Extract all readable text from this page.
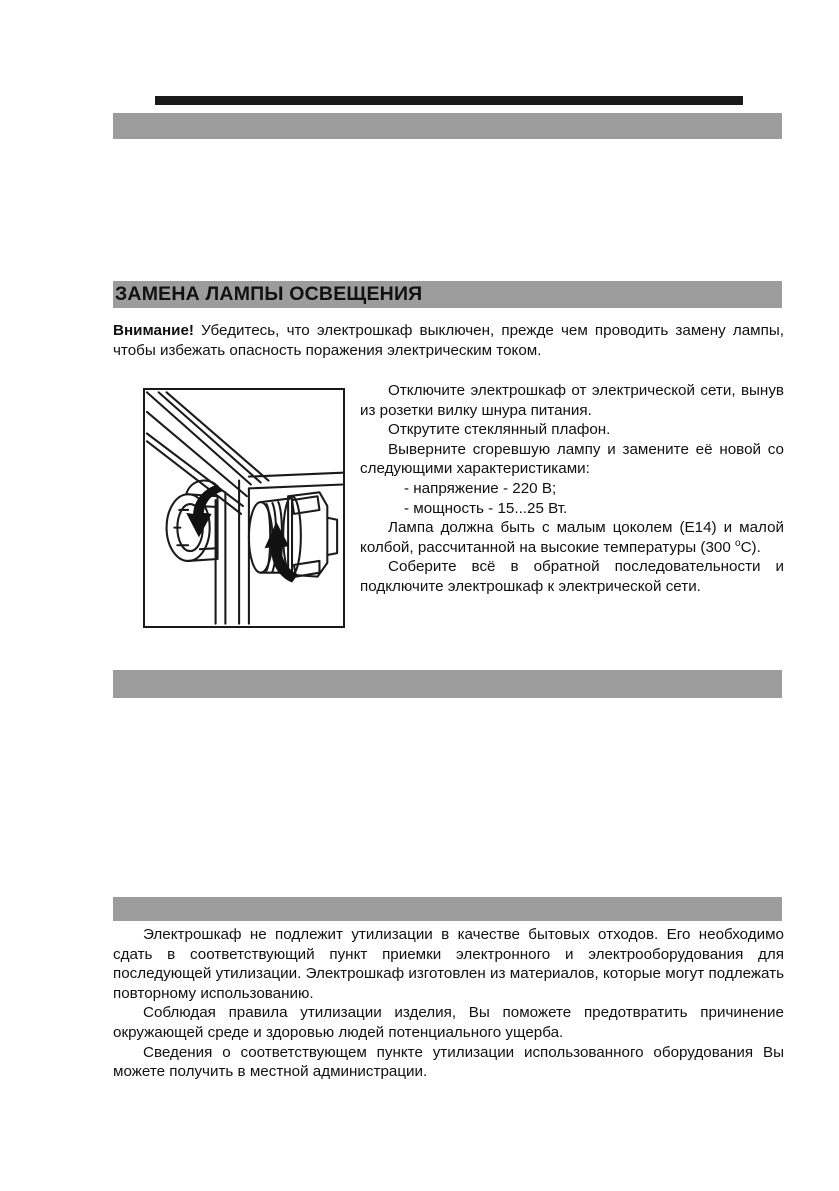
ЗАМЕНА ЛАМПЫ ОСВЕЩЕНИЯ
Внимание! Убедитесь, что электрошкаф выключен, прежде чем проводить замену лампы, чтобы избежать опасность поражения электрическим током.

Отключите электрошкаф от электрической сети, вынув из розетки вилку шнура питания.

Открутите стеклянный плафон.

Выверните сгоревшую лампу и замените её новой со следующими характеристиками:

- напряжение - 220 В;

- мощность - 15...25 Вт.

Лампа должна быть с малым цоколем (E14) и малой колбой, рассчитанной на высокие температуры (300 $^o$C).

Соберите всё в обратной последовательности и подключите электрошкаф к электрической сети.

Электрошкаф не подлежит утилизации в качестве бытовых отходов. Его необходимо сдать в соответствующий пункт приемки электронного и электрооборудования для последующей утилизации. Электрошкаф изготовлен из материалов, которые могут подлежать повторному использованию.

Соблюдая правила утилизации изделия, Вы поможете предотвратить причинение окружающей среде и здоровью людей потенциального ущерба.

Сведения о соответствующем пункте утилизации использованного оборудования Вы можете получить в местной администрации.
